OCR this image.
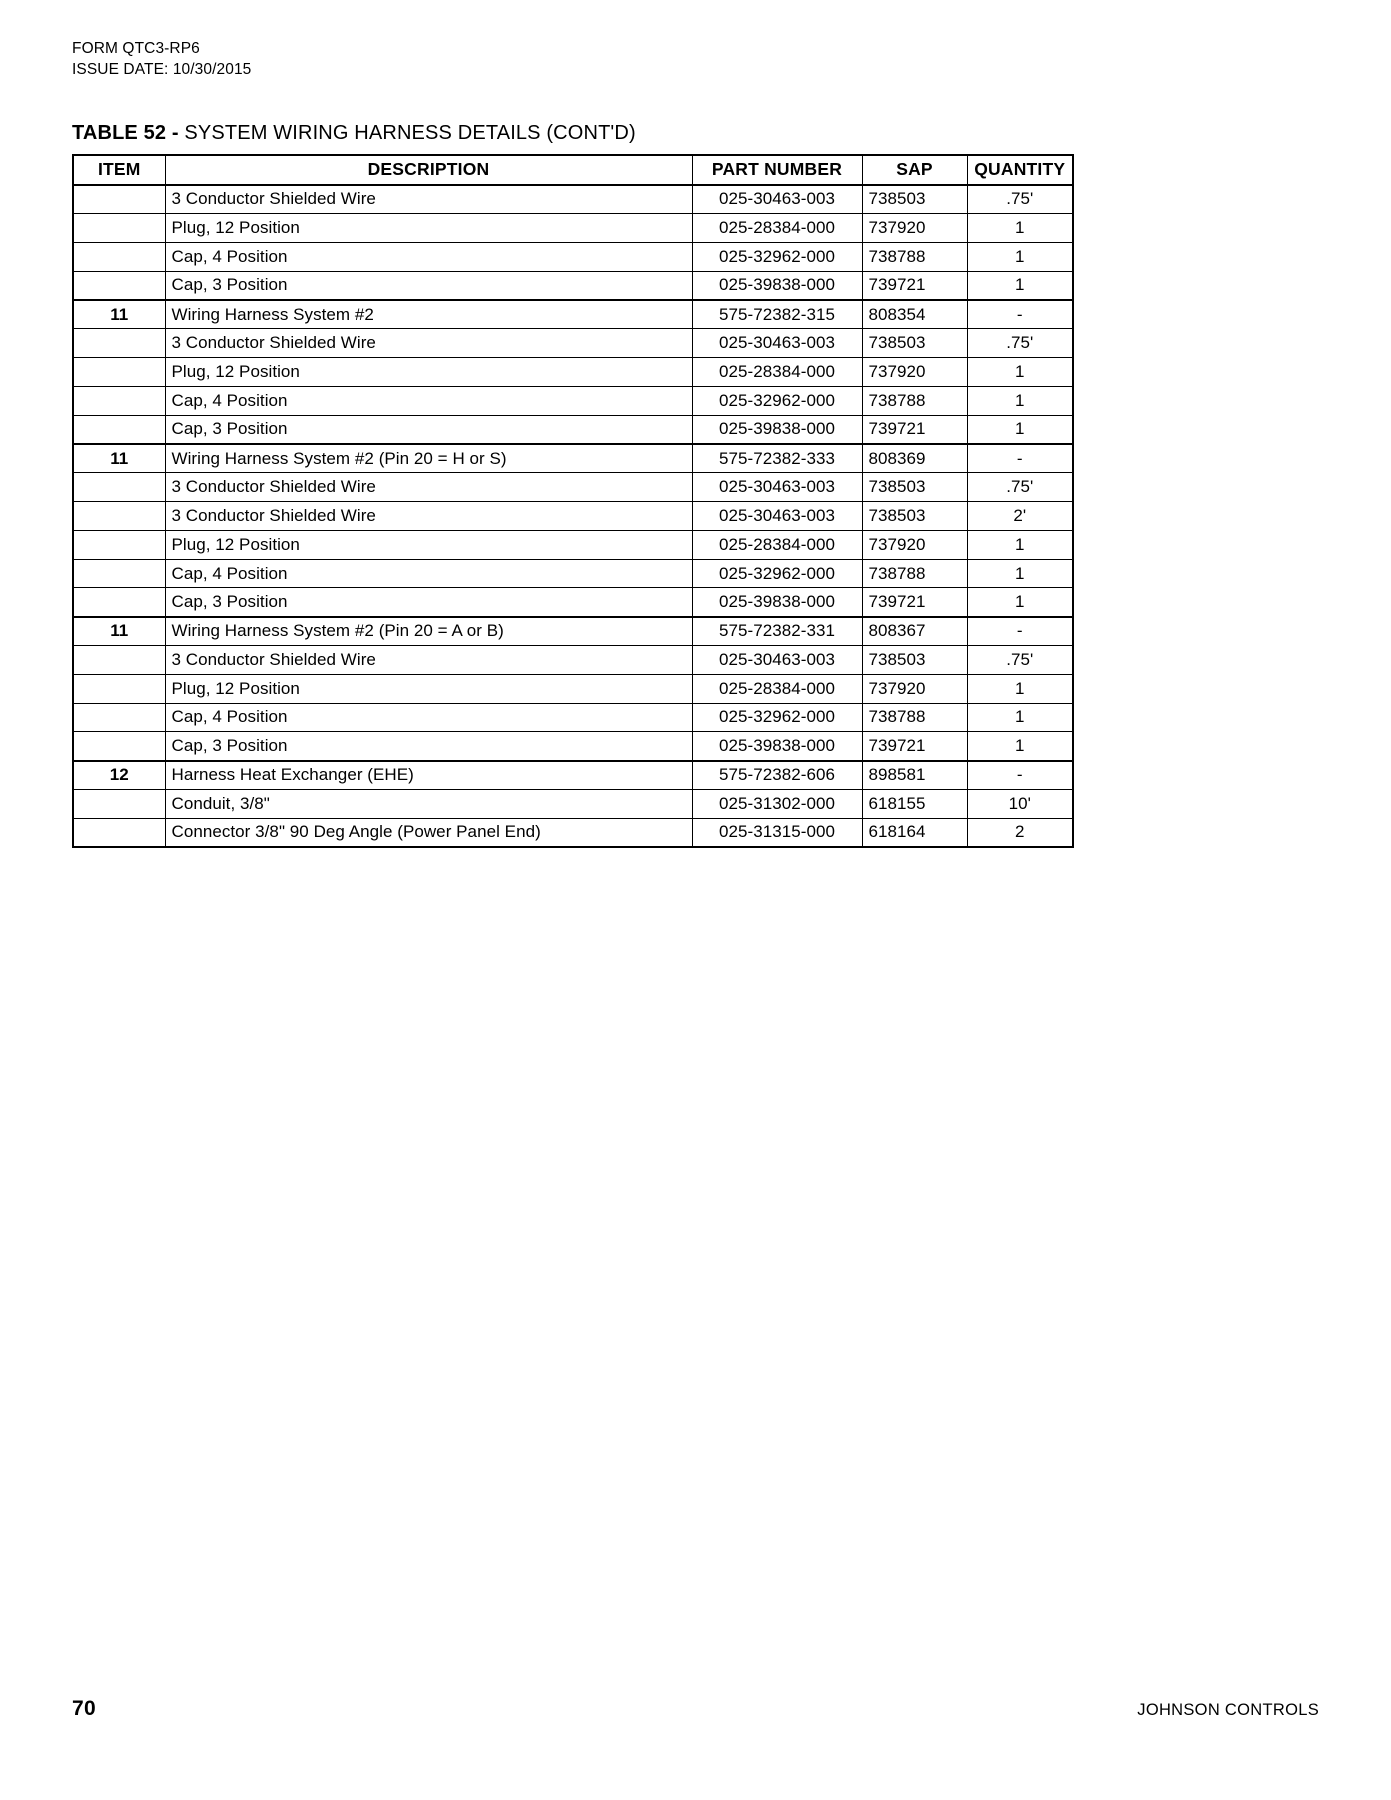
FORM QTC3-RP6
ISSUE DATE: 10/30/2015
TABLE 52 - SYSTEM WIRING HARNESS DETAILS (CONT'D)
ITEM	DESCRIPTION	PART NUMBER	SAP	QUANTITY
	3 Conductor Shielded Wire	025-30463-003	738503	.75'
	Plug, 12 Position	025-28384-000	737920	1
	Cap, 4 Position	025-32962-000	738788	1
	Cap, 3 Position	025-39838-000	739721	1
11	Wiring Harness System #2	575-72382-315	808354	-
	3 Conductor Shielded Wire	025-30463-003	738503	.75'
	Plug, 12 Position	025-28384-000	737920	1
	Cap, 4 Position	025-32962-000	738788	1
	Cap, 3 Position	025-39838-000	739721	1
11	Wiring Harness System #2 (Pin 20 = H or S)	575-72382-333	808369	-
	3 Conductor Shielded Wire	025-30463-003	738503	.75'
	3 Conductor Shielded Wire	025-30463-003	738503	2'
	Plug, 12 Position	025-28384-000	737920	1
	Cap, 4 Position	025-32962-000	738788	1
	Cap, 3 Position	025-39838-000	739721	1
11	Wiring Harness System #2 (Pin 20 = A or B)	575-72382-331	808367	-
	3 Conductor Shielded Wire	025-30463-003	738503	.75'
	Plug, 12 Position	025-28384-000	737920	1
	Cap, 4 Position	025-32962-000	738788	1
	Cap, 3 Position	025-39838-000	739721	1
12	Harness Heat Exchanger (EHE)	575-72382-606	898581	-
	Conduit, 3/8"	025-31302-000	618155	10'
	Connector 3/8" 90 Deg Angle (Power Panel End)	025-31315-000	618164	2
70	JOHNSON CONTROLS
